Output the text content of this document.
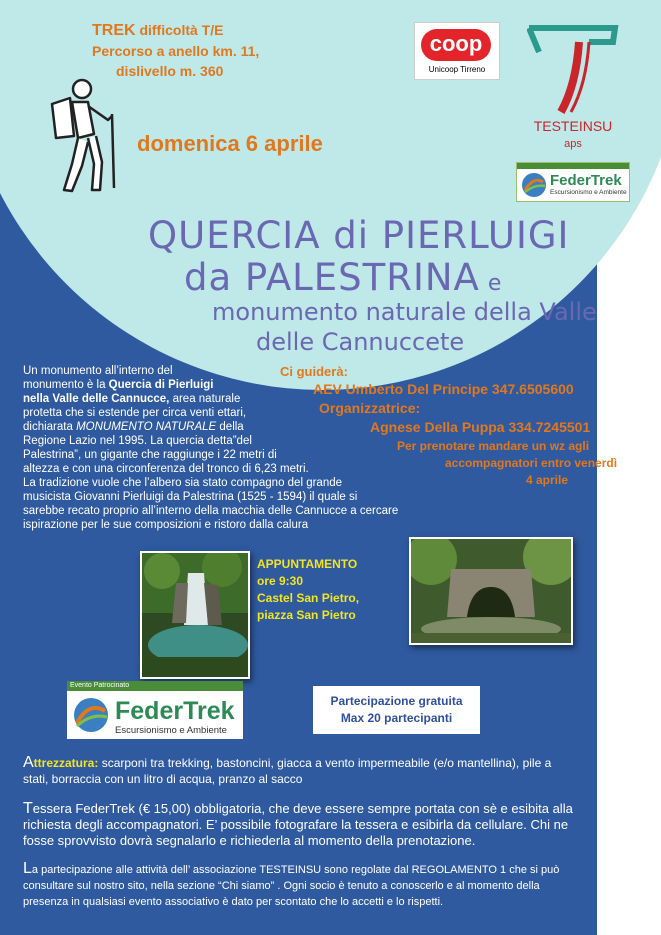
TREK difficoltà T/E
Percorso a anello km. 11,
dislivello m. 360
domenica 6 aprile
coop
Unicoop Tirreno
TESTEINSU
aps
FederTrek
Escursionismo e Ambiente
QUERCIA di PIERLUIGI
da PALESTRINA e
monumento naturale della Valle
delle Cannuccete
Un monumento all’interno del
monumento è la Quercia di Pierluigi
nella Valle delle Cannucce, area naturale
protetta che si estende per circa venti ettari,
dichiarata MONUMENTO NATURALE della
Regione Lazio nel 1995. La quercia detta”del
Palestrina”, un gigante che raggiunge i 22 metri di
altezza e con una circonferenza del tronco di 6,23 metri.
La tradizione vuole che l’albero sia stato compagno del grande
musicista Giovanni Pierluigi da Palestrina (1525 - 1594) il quale si
sarebbe recato proprio all’interno della macchia delle Cannucce a cercare
ispirazione per le sue composizioni e ristoro dalla calura
Ci guiderà:
AEV Umberto Del Principe 347.6505600
Organizzatrice:
Agnese Della Puppa 334.7245501
Per prenotare mandare un wz agli
accompagnatori entro venerdì
4 aprile
APPUNTAMENTO
ore 9:30
Castel San Pietro,
piazza San Pietro
Evento Patrocinato
FederTrek
Escursionismo e Ambiente
Partecipazione gratuita
Max 20 partecipanti
Attrezzatura: scarponi tra trekking, bastoncini, giacca a vento impermeabile (e/o mantellina), pile a stati, borraccia con un litro di acqua, pranzo al sacco
Tessera FederTrek (€ 15,00) obbligatoria, che deve essere sempre portata con sè e esibita alla richiesta degli accompagnatori. E’ possibile fotografare la tessera e esibirla da cellulare. Chi ne fosse sprovvisto dovrà segnalarlo e richiederla al momento della prenotazione.
La partecipazione alle attività dell’ associazione TESTEINSU sono regolate dal REGOLAMENTO 1 che si può consultare sul nostro sito, nella sezione “Chi siamo” . Ogni socio è tenuto a conoscerlo e al momento della presenza in qualsiasi evento associativo è dato per scontato che lo accetti e lo rispetti.
